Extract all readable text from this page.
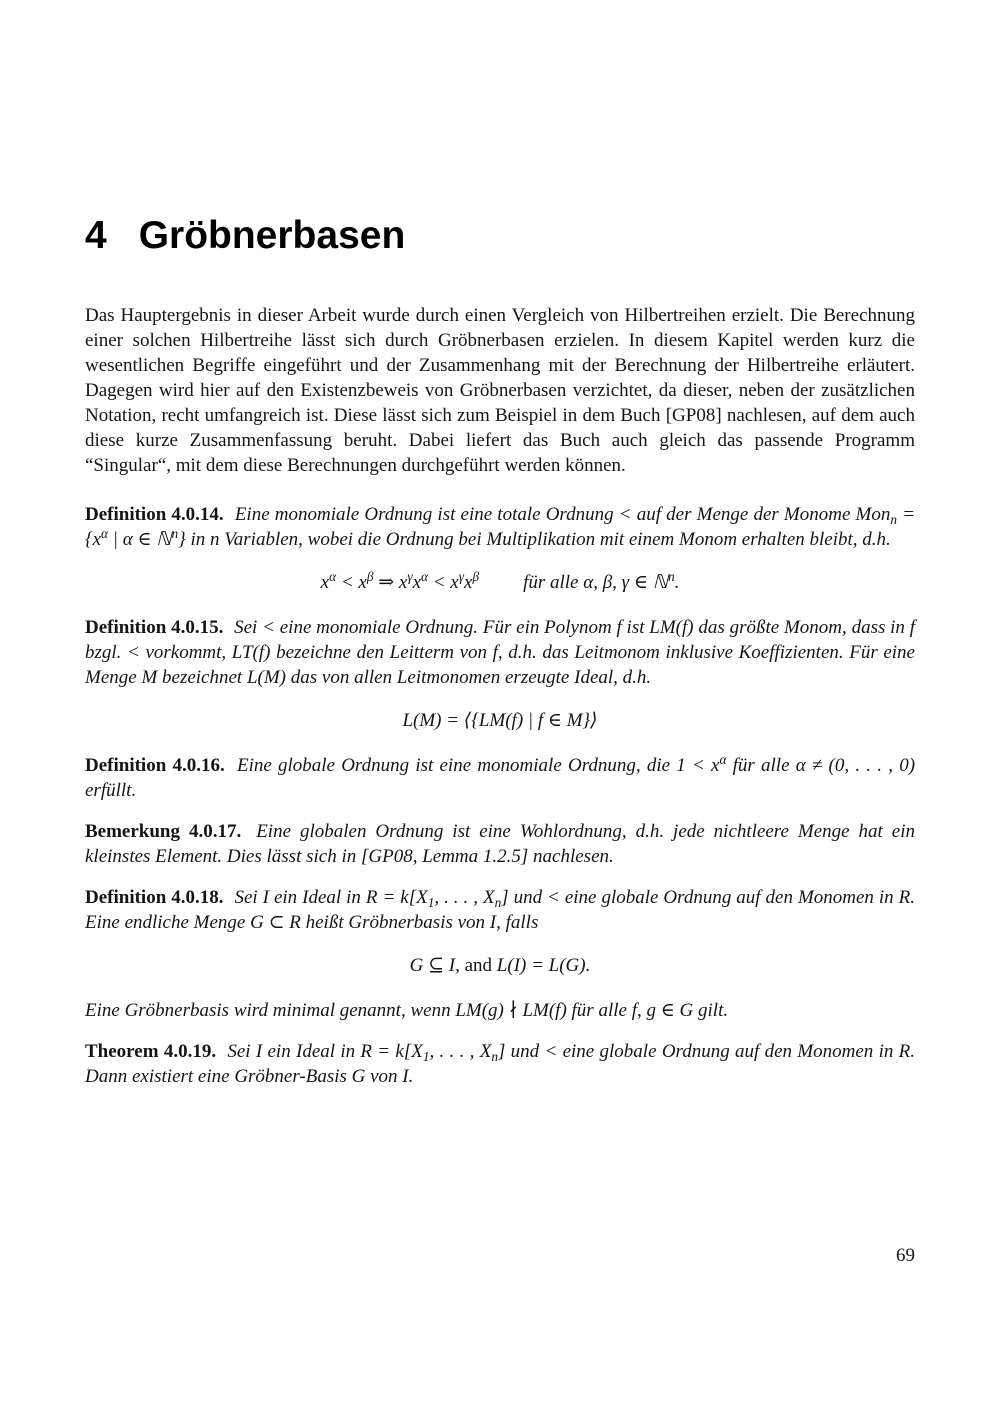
4 Gröbnerbasen

Das Hauptergebnis in dieser Arbeit wurde durch einen Vergleich von Hilbertreihen erzielt. Die Berechnung einer solchen Hilbertreihe lässt sich durch Gröbnerbasen erzielen. In diesem Kapitel werden kurz die wesentlichen Begriffe eingeführt und der Zusammenhang mit der Berechnung der Hilbertreihe erläutert. Dagegen wird hier auf den Existenzbeweis von Gröbnerbasen verzichtet, da dieser, neben der zusätzlichen Notation, recht umfangreich ist. Diese lässt sich zum Beispiel in dem Buch [GP08] nachlesen, auf dem auch diese kurze Zusammenfassung beruht. Dabei liefert das Buch auch gleich das passende Programm “Singular“, mit dem diese Berechnungen durchgeführt werden können.

Definition 4.0.14. Eine monomiale Ordnung ist eine totale Ordnung < auf der Menge der Monome $Mon_n = \{x^\alpha$ | α ∈ ℕ$^n$} in n Variablen, wobei die Ordnung bei Multiplikation mit einem Monom erhalten bleibt, d.h.

$x^\alpha < x^\beta$ ⇒ $x^\gamma x^\alpha < x^\gamma x^\beta$ für alle α, β, γ ∈ ℕ$^n$.

Definition 4.0.15. Sei < eine monomiale Ordnung. Für ein Polynom f ist LM(f) das größte Monom, dass in f bzgl. < vorkommt, LT(f) bezeichne den Leitterm von f, d.h. das Leitmonom inklusive Koeffizienten. Für eine Menge M bezeichnet L(M) das von allen Leitmonomen erzeugte Ideal, d.h.

L(M) = ⟨{LM(f) | f ∈ M}⟩

Definition 4.0.16. Eine globale Ordnung ist eine monomiale Ordnung, die $1 < x^\alpha$ für alle α ≠ (0, . . . , 0) erfüllt.

Bemerkung 4.0.17. Eine globalen Ordnung ist eine Wohlordnung, d.h. jede nichtleere Menge hat ein kleinstes Element. Dies lässt sich in [GP08, Lemma 1.2.5] nachlesen.

Definition 4.0.18. Sei I ein Ideal in $R = k[X_1$, . . . , $X_n$] und < eine globale Ordnung auf den Monomen in R. Eine endliche Menge G ⊂ R heißt Gröbnerbasis von I, falls

G ⊆ I, and L(I) = L(G).

Eine Gröbnerbasis wird minimal genannt, wenn LM(g) ∤ LM(f) für alle f, g ∈ G gilt.

Theorem 4.0.19. Sei I ein Ideal in $R = k[X_1$, . . . , $X_n$] und < eine globale Ordnung auf den Monomen in R. Dann existiert eine Gröbner-Basis G von I.

69
